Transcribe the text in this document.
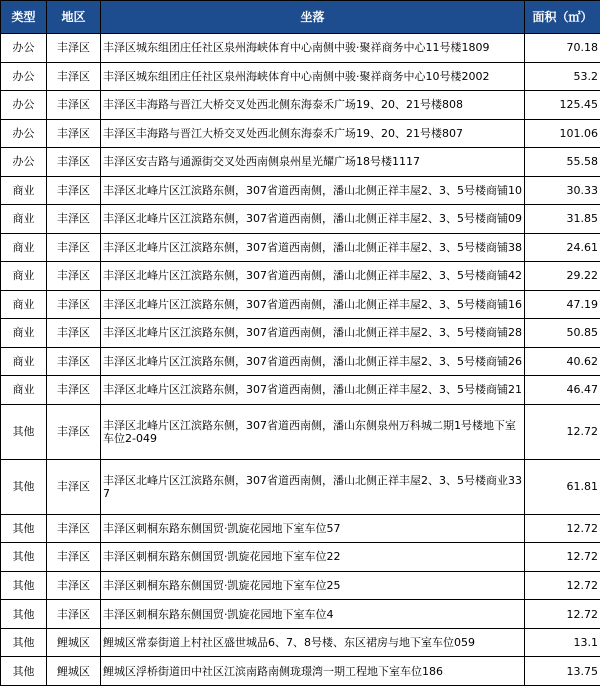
类型	地区	坐落	面积（㎡）
办公	丰泽区	丰泽区城东组团庄任社区泉州海峡体育中心南侧中骏·聚祥商务中心11号楼1809	70.18
办公	丰泽区	丰泽区城东组团庄任社区泉州海峡体育中心南侧中骏·聚祥商务中心10号楼2002	53.2
办公	丰泽区	丰泽区丰海路与晋江大桥交叉处西北侧东海泰禾广场19、20、21号楼808	125.45
办公	丰泽区	丰泽区丰海路与晋江大桥交叉处西北侧东海泰禾广场19、20、21号楼807	101.06
办公	丰泽区	丰泽区安吉路与通源街交叉处西南侧泉州星光耀广场18号楼1117	55.58
商业	丰泽区	丰泽区北峰片区江滨路东侧，307省道西南侧，潘山北侧正祥丰屋2、3、5号楼商铺10	30.33
商业	丰泽区	丰泽区北峰片区江滨路东侧，307省道西南侧，潘山北侧正祥丰屋2、3、5号楼商铺09	31.85
商业	丰泽区	丰泽区北峰片区江滨路东侧，307省道西南侧，潘山北侧正祥丰屋2、3、5号楼商铺38	24.61
商业	丰泽区	丰泽区北峰片区江滨路东侧，307省道西南侧，潘山北侧正祥丰屋2、3、5号楼商铺42	29.22
商业	丰泽区	丰泽区北峰片区江滨路东侧，307省道西南侧，潘山北侧正祥丰屋2、3、5号楼商铺16	47.19
商业	丰泽区	丰泽区北峰片区江滨路东侧，307省道西南侧，潘山北侧正祥丰屋2、3、5号楼商铺28	50.85
商业	丰泽区	丰泽区北峰片区江滨路东侧，307省道西南侧，潘山北侧正祥丰屋2、3、5号楼商铺26	40.62
商业	丰泽区	丰泽区北峰片区江滨路东侧，307省道西南侧，潘山北侧正祥丰屋2、3、5号楼商铺21	46.47
其他	丰泽区	丰泽区北峰片区江滨路东侧，307省道西南侧，潘山东侧泉州万科城二期1号楼地下室车位2-049	12.72
其他	丰泽区	丰泽区北峰片区江滨路东侧，307省道西南侧，潘山北侧正祥丰屋2、3、5号楼商业337	61.81
其他	丰泽区	丰泽区刺桐东路东侧国贸·凯旋花园地下室车位57	12.72
其他	丰泽区	丰泽区刺桐东路东侧国贸·凯旋花园地下室车位22	12.72
其他	丰泽区	丰泽区刺桐东路东侧国贸·凯旋花园地下室车位25	12.72
其他	丰泽区	丰泽区刺桐东路东侧国贸·凯旋花园地下室车位4	12.72
其他	鲤城区	鲤城区常泰街道上村社区盛世城品6、7、8号楼、东区裙房与地下室车位059	13.1
其他	鲤城区	鲤城区浮桥街道田中社区江滨南路南侧珑璟湾一期工程地下室车位186	13.75
